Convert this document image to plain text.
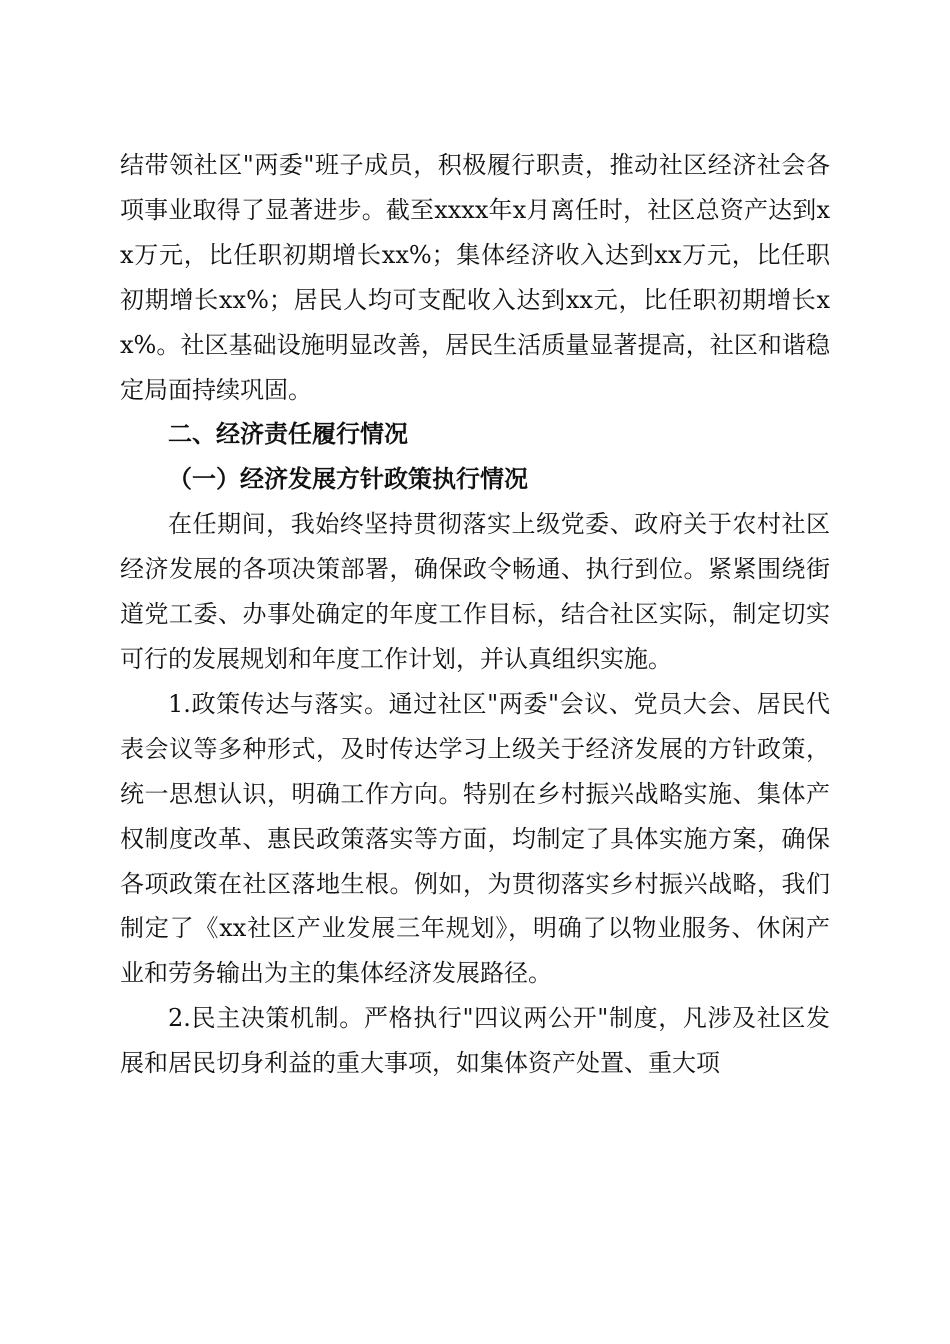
结带领社区"两委"班子成员，积极履行职责，推动社区经济社会各项事业取得了显著进步。截至xxxx年x月离任时，社区总资产达到xx万元，比任职初期增长xx%；集体经济收入达到xx万元，比任职初期增长xx%；居民人均可支配收入达到xx元，比任职初期增长xx%。社区基础设施明显改善，居民生活质量显著提高，社区和谐稳定局面持续巩固。

二、经济责任履行情况

（一）经济发展方针政策执行情况

在任期间，我始终坚持贯彻落实上级党委、政府关于农村社区经济发展的各项决策部署，确保政令畅通、执行到位。紧紧围绕街道党工委、办事处确定的年度工作目标，结合社区实际，制定切实可行的发展规划和年度工作计划，并认真组织实施。

1.政策传达与落实。通过社区"两委"会议、党员大会、居民代表会议等多种形式，及时传达学习上级关于经济发展的方针政策，统一思想认识，明确工作方向。特别在乡村振兴战略实施、集体产权制度改革、惠民政策落实等方面，均制定了具体实施方案，确保各项政策在社区落地生根。例如，为贯彻落实乡村振兴战略，我们制定了《xx社区产业发展三年规划》，明确了以物业服务、休闲产业和劳务输出为主的集体经济发展路径。

2.民主决策机制。严格执行"四议两公开"制度，凡涉及社区发展和居民切身利益的重大事项，如集体资产处置、重大项
